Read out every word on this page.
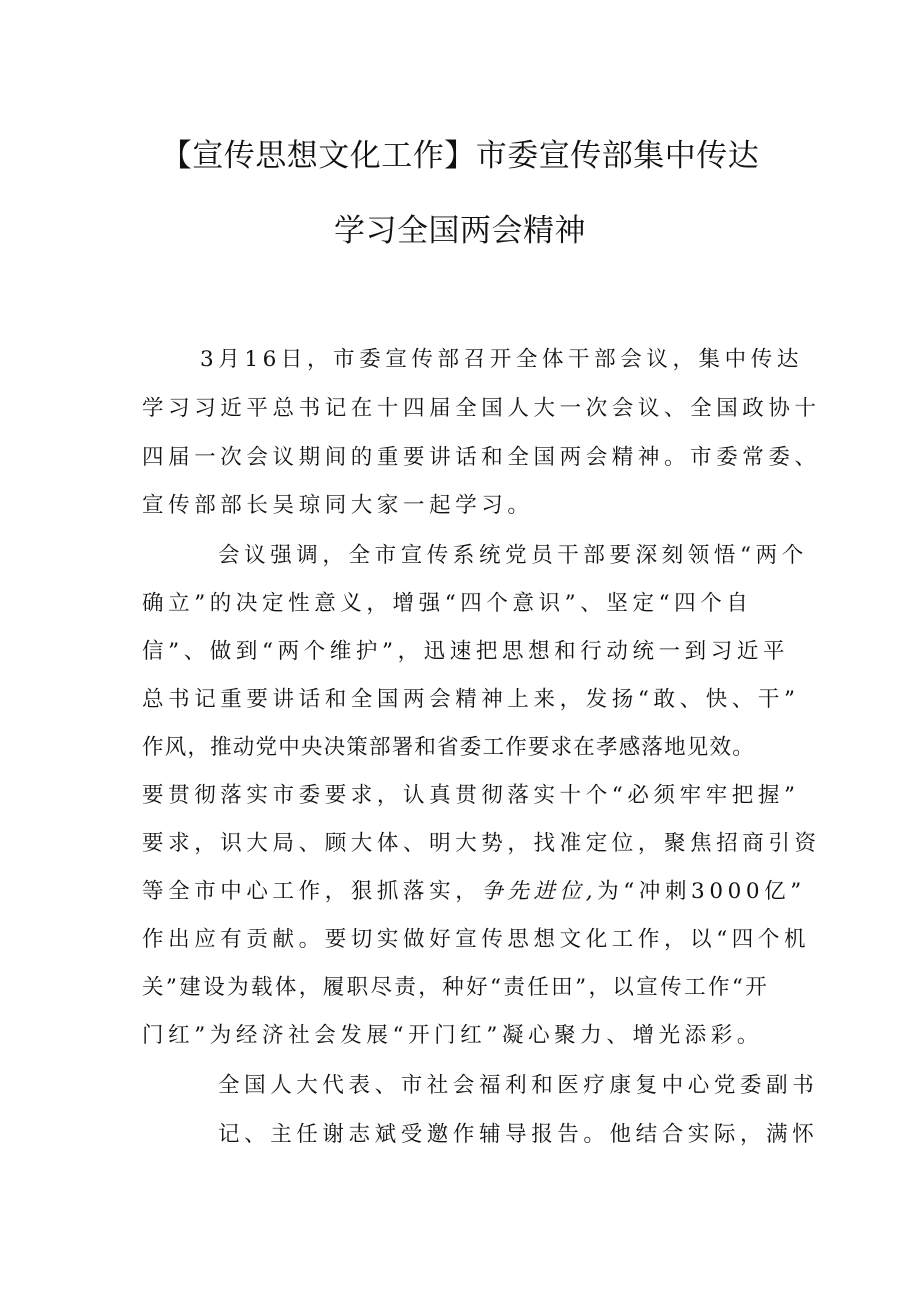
【宣传思想文化工作】市委宣传部集中传达
学习全国两会精神
3月16日，市委宣传部召开全体干部会议，集中传达
学习习近平总书记在十四届全国人大一次会议、全国政协十
四届一次会议期间的重要讲话和全国两会精神。市委常委、
宣传部部长吴琼同大家一起学习。
会议强调，全市宣传系统党员干部要深刻领悟“两个
确立”的决定性意义，增强“四个意识”、坚定“四个自
信”、做到“两个维护”，迅速把思想和行动统一到习近平
总书记重要讲话和全国两会精神上来，发扬“敢、快、干”
作风，推动党中央决策部署和省委工作要求在孝感落地见效。
要贯彻落实市委要求，认真贯彻落实十个“必须牢牢把握”
要求，识大局、顾大体、明大势，找准定位，聚焦招商引资
等全市中心工作，狠抓落实，争先进位,为“冲刺3000亿”
作出应有贡献。要切实做好宣传思想文化工作，以“四个机
关”建设为载体，履职尽责，种好“责任田”，以宣传工作“开
门红”为经济社会发展“开门红”凝心聚力、增光添彩。
全国人大代表、市社会福利和医疗康复中心党委副书
记、主任谢志斌受邀作辅导报告。他结合实际，满怀
